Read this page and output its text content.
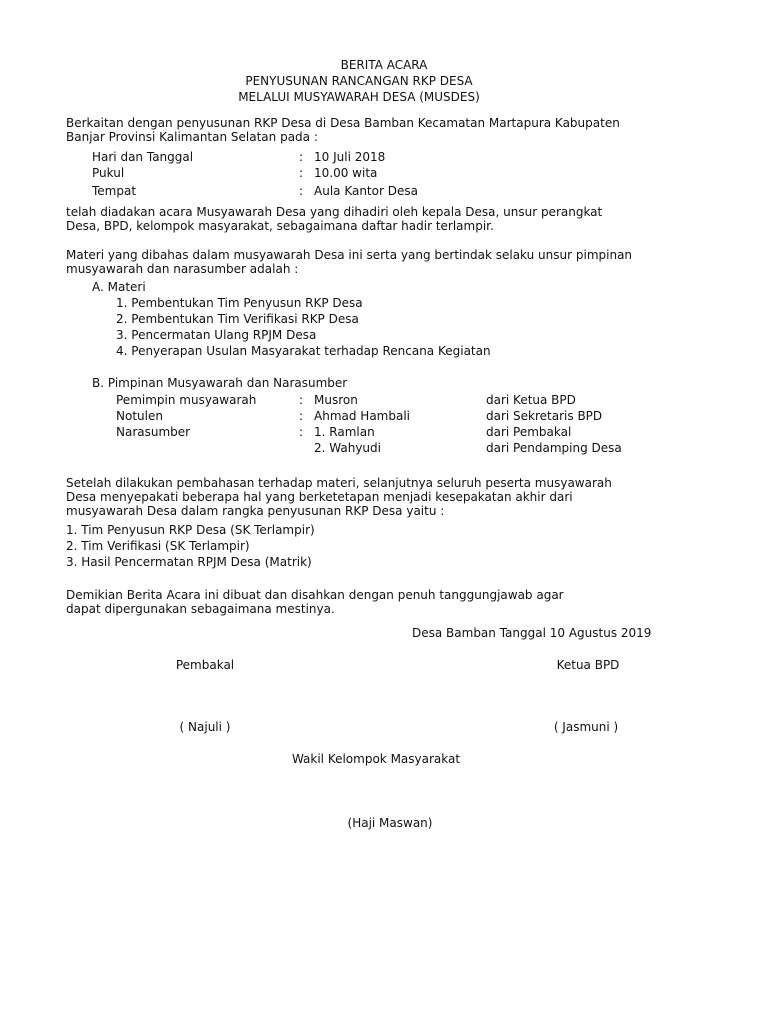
BERITA ACARA
PENYUSUNAN RANCANGAN RKP DESA
MELALUI MUSYAWARAH DESA (MUSDES)
Berkaitan dengan penyusunan RKP Desa di Desa Bamban Kecamatan Martapura Kabupaten
Banjar Provinsi Kalimantan Selatan pada :
Hari dan Tanggal	: 10 Juli 2018
Pukul	: 10.00 wita
Tempat	: Aula Kantor Desa
telah diadakan acara Musyawarah Desa yang dihadiri oleh kepala Desa, unsur perangkat
Desa, BPD, kelompok masyarakat, sebagaimana daftar hadir terlampir.
Materi yang dibahas dalam musyawarah Desa ini serta yang bertindak selaku unsur pimpinan
musyawarah dan narasumber adalah :
A. Materi
1. Pembentukan Tim Penyusun RKP Desa
2. Pembentukan Tim Verifikasi RKP Desa
3. Pencermatan Ulang RPJM Desa
4. Penyerapan Usulan Masyarakat terhadap Rencana Kegiatan
B. Pimpinan Musyawarah dan Narasumber
Pemimpin musyawarah	: Musron	dari Ketua BPD
Notulen	: Ahmad Hambali	dari Sekretaris BPD
Narasumber	: 1. Ramlan	dari Pembakal
2. Wahyudi	dari Pendamping Desa
Setelah dilakukan pembahasan terhadap materi, selanjutnya seluruh peserta musyawarah
Desa menyepakati beberapa hal yang berketetapan menjadi kesepakatan akhir dari
musyawarah Desa dalam rangka penyusunan RKP Desa yaitu :
1. Tim Penyusun RKP Desa (SK Terlampir)
2. Tim Verifikasi (SK Terlampir)
3. Hasil Pencermatan RPJM Desa (Matrik)
Demikian Berita Acara ini dibuat dan disahkan dengan penuh tanggungjawab agar
dapat dipergunakan sebagaimana mestinya.
Desa Bamban Tanggal 10 Agustus 2019
Pembakal	Ketua BPD
( Najuli )	( Jasmuni )
Wakil Kelompok Masyarakat
(Haji Maswan)
